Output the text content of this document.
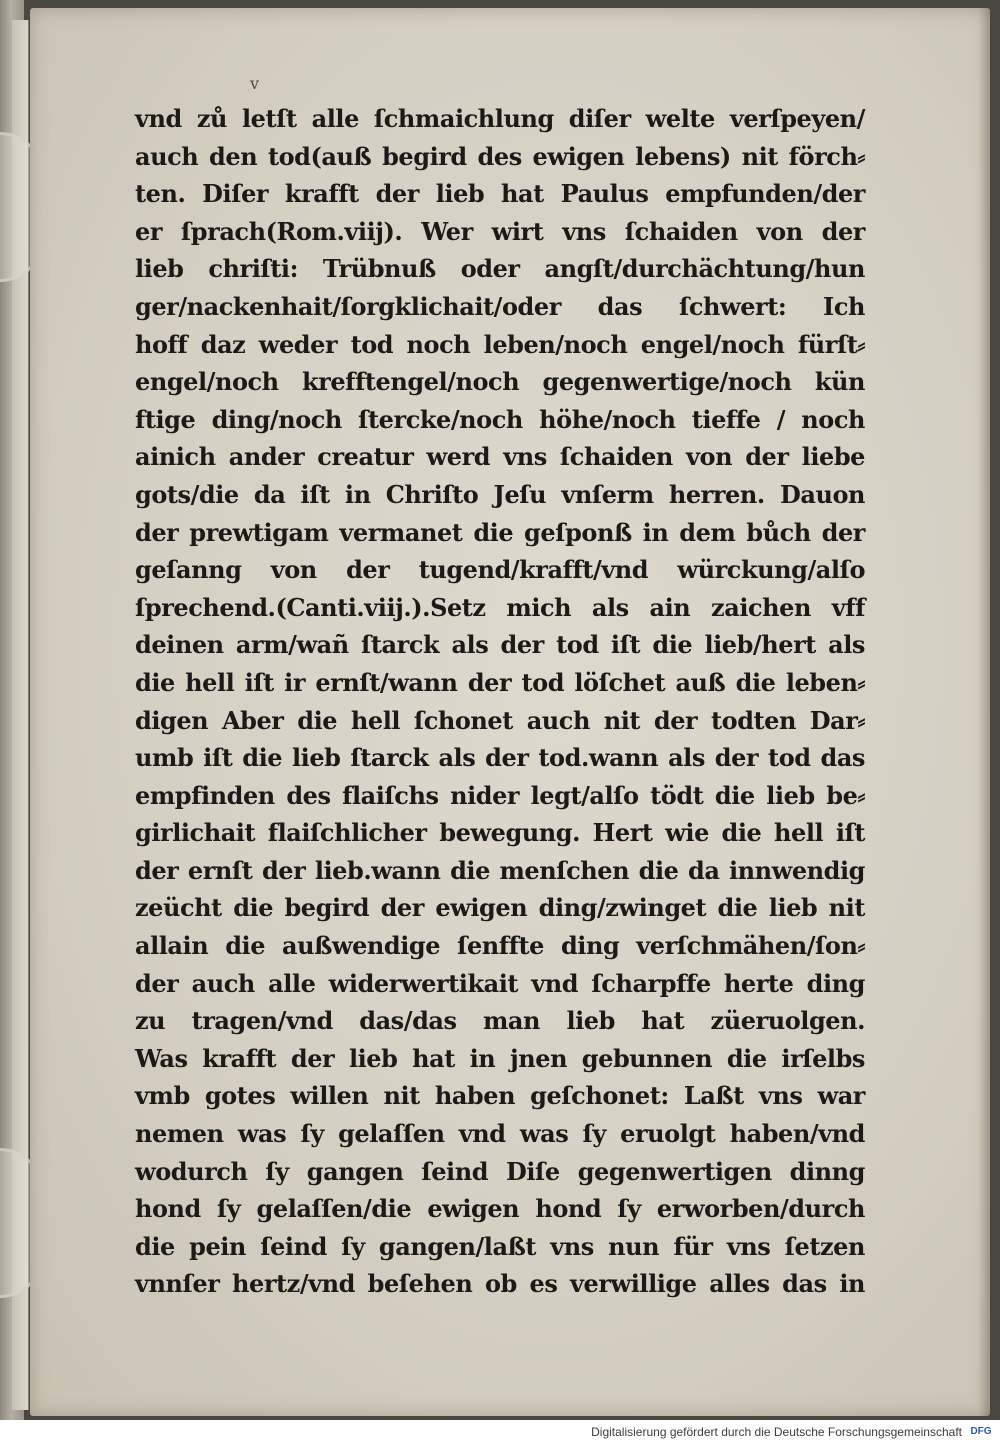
v

vnd zů letſt alle ſchmaichlung diſer welte verſpeyen/
auch den tod(auß begird des ewigen lebens) nit förch⸗
ten. Diſer krafft der lieb hat Paulus empfunden/der
er ſprach(Rom.viij). Wer wirt vns ſchaiden von der
lieb chriſti: Trübnuß oder angſt/durchächtung/hun
ger/nackenhait/ſorgklichait/oder das ſchwert: Ich
hoff daz weder tod noch leben/noch engel/noch fürſt⸗
engel/noch krefftengel/noch gegenwertige/noch kün
ftige ding/noch ſtercke/noch höhe/noch tieffe / noch
ainich ander creatur werd vns ſchaiden von der liebe
gots/die da iſt in Chriſto Jeſu vnſerm herren. Dauon
der prewtigam vermanet die geſponß in dem bůch der
geſanng von der tugend/krafft/vnd würckung/alſo
ſprechend.(Canti.viij.).Setz mich als ain zaichen vff
deinen arm/wañ ſtarck als der tod iſt die lieb/hert als
die hell iſt ir ernſt/wann der tod löſchet auß die leben⸗
digen Aber die hell ſchonet auch nit der todten Dar⸗
umb iſt die lieb ſtarck als der tod.wann als der tod das
empfinden des flaiſchs nider legt/alſo tödt die lieb be⸗
girlichait flaiſchlicher bewegung. Hert wie die hell iſt
der ernſt der lieb.wann die menſchen die da innwendig
zeücht die begird der ewigen ding/zwinget die lieb nit
allain die außwendige ſenffte ding verſchmähen/ſon⸗
der auch alle widerwertikait vnd ſcharpffe herte ding
zu tragen/vnd das/das man lieb hat züeruolgen.
Was krafft der lieb hat in jnen gebunnen die irſelbs
vmb gotes willen nit haben geſchonet: Laßt vns war
nemen was ſy gelaſſen vnd was ſy eruolgt haben/vnd
wodurch ſy gangen ſeind Diſe gegenwertigen dinng
hond ſy gelaſſen/die ewigen hond ſy erworben/durch
die pein ſeind ſy gangen/laßt vns nun für vns ſetzen
vnnſer hertz/vnd beſehen ob es verwillige alles das in
Digitalisierung gefördert durch die Deutsche Forschungsgemeinschaft DFG
